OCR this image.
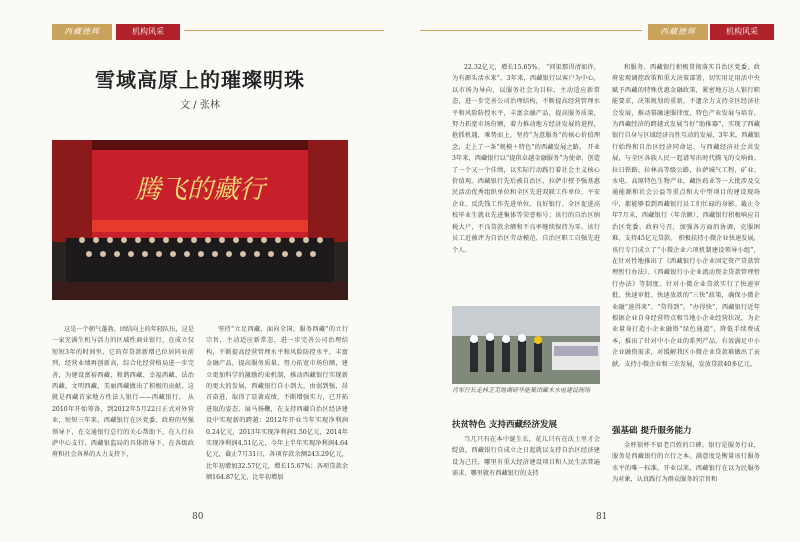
西藏德辉	机构风采
雪域高原上的璀璨明珠
文 / 张林
腾飞的藏行

这是一个朝气蓬勃、团结向上的年轻队伍，这是一家充满生机与活力的区域性商业银行，在成立仅短短3年的时间里，它的存贷款新增已位居同业前列，经营业绩再创新高，综合化经营格局进一步完善，为建设富裕西藏、和谐西藏、幸福西藏、法治西藏、文明西藏、美丽西藏做出了积极的贡献。这就是西藏首家地方性法人银行——西藏银行。 从2010年开始筹备，到2012年5月22日正式对外营业，短短三年来，西藏银行在区党委、政府的坚强领导下，在交通银行总行的关心帮助下，在人行拉萨中心支行、西藏银监局的具体指导下，在各级政府和社会各界的大力支持下，

坚持“立足西藏、面向全国、服务西藏”的立行宗旨，主动适应新常态，进一步完善公司治理结构，不断提高经营管理水平和风险防控水平，丰富金融产品，提高服务质量，努力拓宽市场份额，建立更加科学的激励约束机制，推动西藏银行实现新的更大的发展，西藏银行自小到大，由弱到强，昂首奋进，取得了显著成绩，不断增强实力，已开拓进取的姿态、展马扬鞭，在支持西藏自治区经济建设中实现新的跨越：2012年开业当年实现净利润0.24亿元，2013年实现净利润1.50亿元，2014年实现净利润4.51亿元，今年上半年实现净利润4.64亿元，截止7月31日，各项存款余额243.29亿元，比年初增加32.57亿元，增长15.67%；各项贷款余额164.87亿元，比年初增加

80
西藏德辉	机构风采

22.32亿元，增长15.65%。 “问渠那得清如许，为有源头活水来”。3年来，西藏银行以客户为中心，以市场为导向，以服务社会为目标，主动适应新常态，进一步完善公司治理结构，不断提高经营管理水平和风险防控水平，丰富金融产品，提高服务质量，努力拓宽市场份额，着力推动地方经济发展的进程，抢抓机遇，乘势而上，坚持“为意服务”的核心价值理念，走上了一条“规模＋特色”的西藏发展之路。 开业3年来，西藏银行以“提供卓越金融服务”为使命，创造了一个又一个佳绩，以实际行动践行着社会主义核心价值观。西藏银行先后被自治区、拉萨市授予强基惠民活动优秀组织单位和全区先进双联工作单位、平安企业、反洗钱工作先进单位、良好银行、全区促进高校毕业生就业先进集体等荣誉称号；该行的自治区纳税大户，不良贷款余额和不良率继续保持为零。该行员工近被评为自治区劳动模范、自治区职工自强先进个人。

肖军行长走林芝芜地调研华能集团藏木水电建设现场
扶贫特色 支持西藏经济发展

当几只有在本中诞生长，花儿只有在沃土里才会绽放。西藏银行自成立之日起就以支持自治区经济建设为己任，哪里有重大经济建设项目和人民生活普遍需求，哪里就有西藏银行的支持

和服务。西藏银行积极贯彻落实自治区党委、政府宏观调控政策和重大决策部署，切实用足用活中央赋予西藏的特殊优惠金融政策，紧密地方达人银行职能要求，决策规划的重新，不遗余力支持全区经济社会发展，推动幕融速服律度，特色产业发展与培育，为西藏经济的跨越式发展当好“助推器”，实现了西藏银行自身与区域经济良性互动的发展，3年来，西藏银行始终和自治区经济同命运，与西藏经济社会共发展，与全区各族人民一起谱写出时代腾飞的交响曲。 拉日铁路、拉林高等级公路，拉萨城气工程，矿业、水电、高原特色生物产业，藏医药业等一大批涉及交通能源和社会公益等重点和大中型项目的建设现场中，都能够看到西藏银行员工们忙碌的身影。截止今年7月末，西藏银行（年余额），西藏银行积极响应自治区党委、政府号召，加强各方面的协调，克服困难，支持45亿元贷款。 积极扶持小微企业快速发展，该行专门成立了“小微企业六项机制建设领导小组”，在针对性地推出了《西藏银行小企业固定资产贷款管理暂行办法》、《西藏银行小企业流动资金贷款管理暂行办法》等制度，针对小微企业贷款实行了快速审批、快速审批、快速放款的“三快”政策，确保小微企业融“速得来”、“贷得到”。“办得快”，西藏银行近年根据企业自身经营特点和当地小企业经营状况，为企业量身打造小企业融资“绿色通道”，降低手续费成本，推出了针对中小企业的系列产品，有效满足中小企业融资需求，对缓解我区小微企业贷款难做出了贡献。支持小微企业和三农发展，发放贷款40多亿元。

强基础 提升服务能力

金杯银杯不如老百姓的口碑。银行是服务行业，服务是西藏银行的立行之本。满意度是衡量该行服务水平的唯一标准。开业以来，西藏银行在以为民服务为对象，认真践行为群众服务的宗旨和

81
